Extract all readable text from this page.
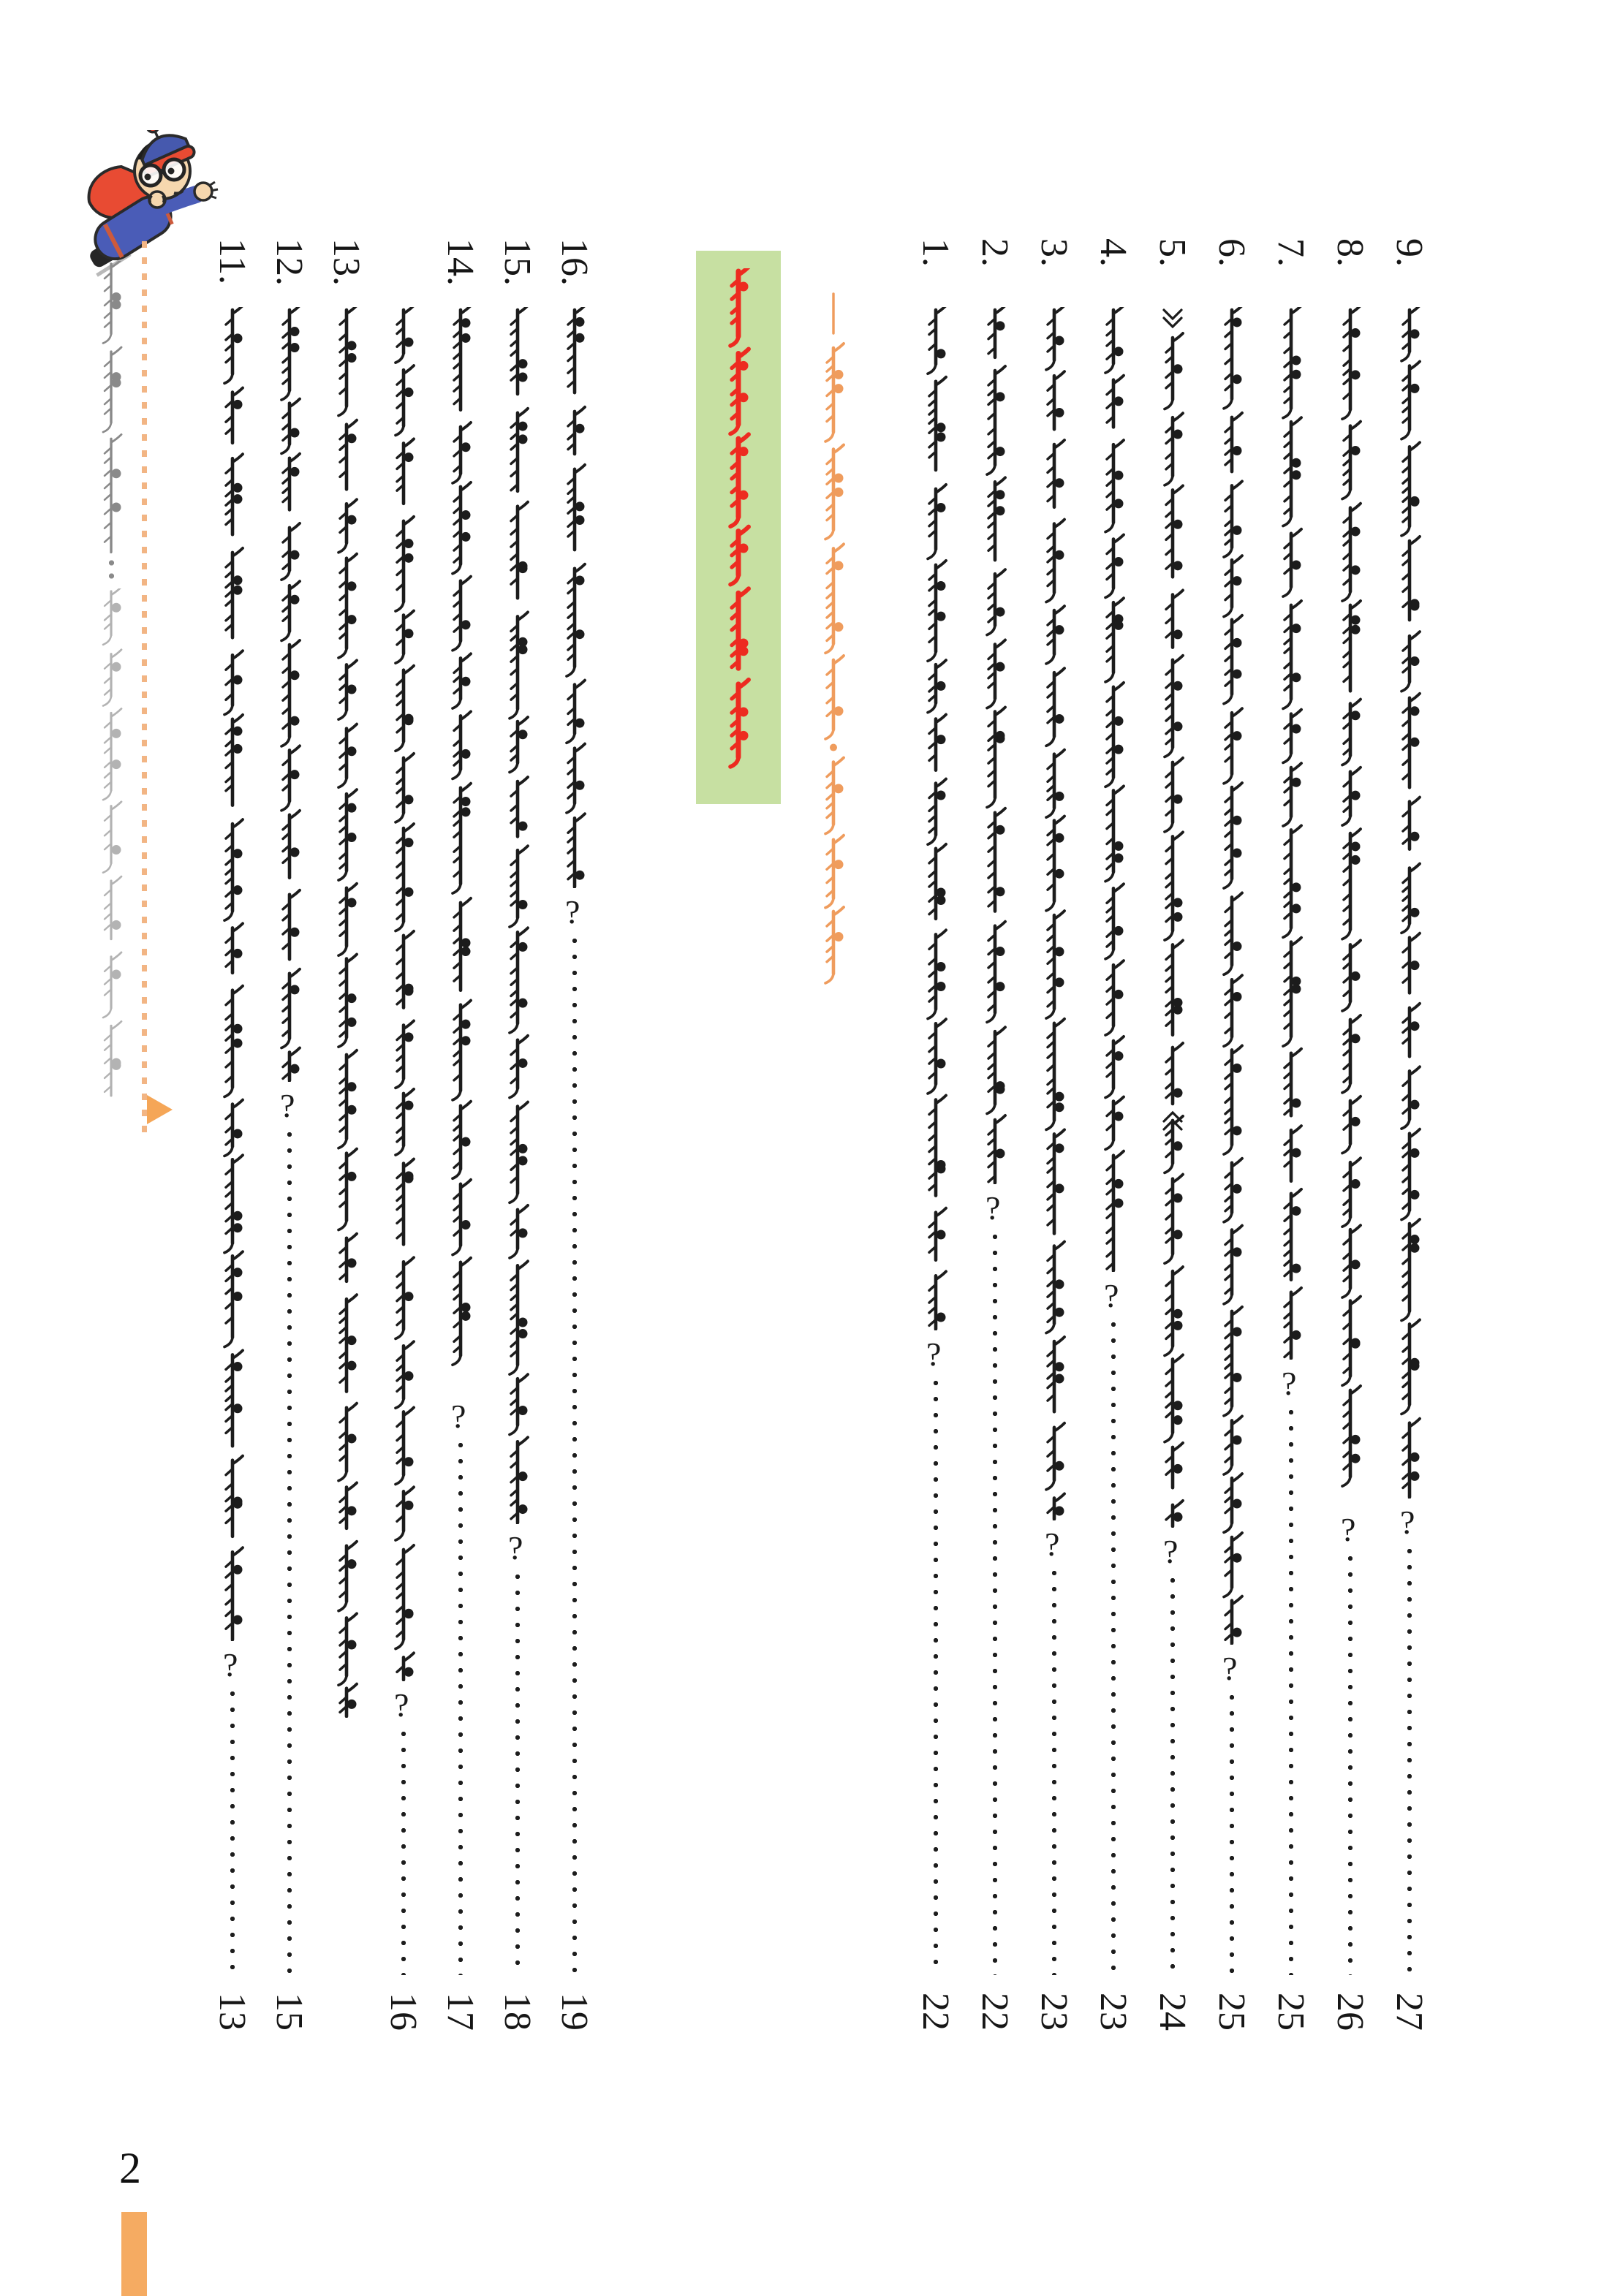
11.
?
13
12.
?
15
13.
?
16
14.
?
17
15.
?
18
16.
?
19
1.
?
22
2.
?
22
3.
?
23
4.
?
23
5.
?
24
6.
?
25
7.
?
25
8.
?
26
9.
?
27
2
